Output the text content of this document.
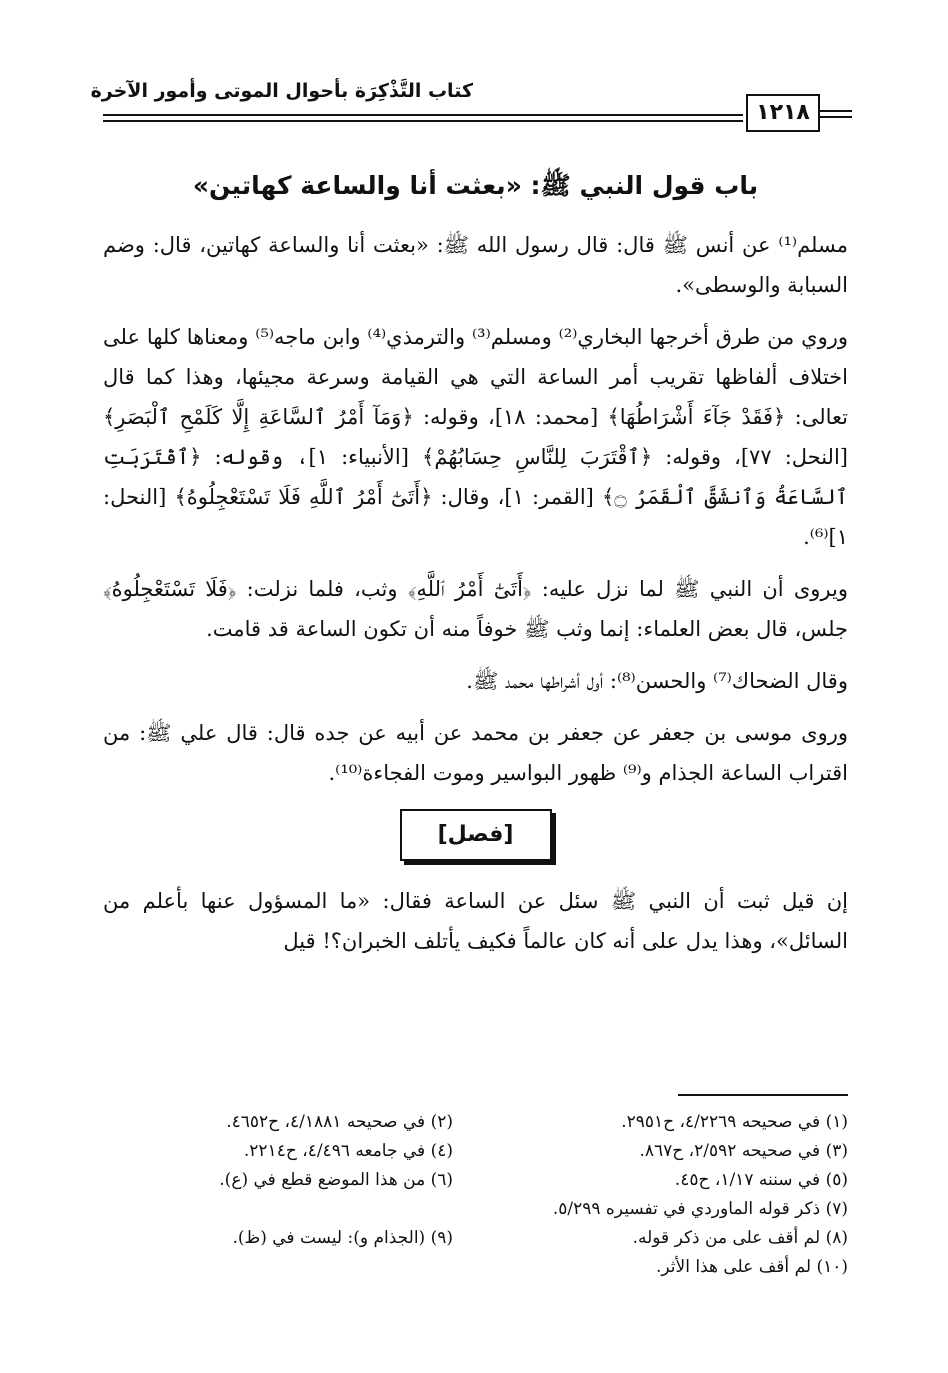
كتاب التَّذْكِرَة بأحوال الموتى وأمور الآخرة
١٢١٨
باب قول النبي ﷺ: «بعثت أنا والساعة كهاتين»

مسلم⁽¹⁾ عن أنس ﷺ قال: قال رسول الله ﷺ: «بعثت أنا والساعة كهاتين، قال: وضم السبابة والوسطى».

وروي من طرق أخرجها البخاري⁽²⁾ ومسلم⁽³⁾ والترمذي⁽⁴⁾ وابن ماجه⁽⁵⁾ ومعناها كلها على اختلاف ألفاظها تقريب أمر الساعة التي هي القيامة وسرعة مجيئها، وهذا كما قال تعالى: ﴿فَقَدْ جَآءَ أَشْرَاطُهَا﴾ [محمد: ١٨]، وقوله: ﴿وَمَآ أَمْرُ ٱلسَّاعَةِ إِلَّا كَلَمْحِ ٱلْبَصَرِ﴾ [النحل: ٧٧]، وقوله: ﴿ٱقْتَرَبَ لِلنَّاسِ حِسَابُهُمْ﴾ [الأنبياء: ١]، وقوله: ﴿ٱقْتَرَبَتِ ٱلسَّاعَةُ وَٱنشَقَّ ٱلْقَمَرُ ۝﴾ [القمر: ١]، وقال: ﴿أَتَىٰٓ أَمْرُ ٱللَّهِ فَلَا تَسْتَعْجِلُوهُ﴾ [النحل: ١]⁽⁶⁾.

ويروى أن النبي ﷺ لما نزل عليه: ﴿أَتَىٰٓ أَمْرُ ٱللَّهِ﴾ وثب، فلما نزلت: ﴿فَلَا تَسْتَعْجِلُوهُ﴾ جلس، قال بعض العلماء: إنما وثب ﷺ خوفاً منه أن تكون الساعة قد قامت.

وقال الضحاك⁽⁷⁾ والحسن⁽⁸⁾: أول أشراطها محمد ﷺ.

وروى موسى بن جعفر عن جعفر بن محمد عن أبيه عن جده قال: قال علي ﷺ: من اقتراب الساعة الجذام و⁽⁹⁾ ظهور البواسير وموت الفجاءة⁽¹⁰⁾.

[فصل]

إن قيل ثبت أن النبي ﷺ سئل عن الساعة فقال: «ما المسؤول عنها بأعلم من السائل»، وهذا يدل على أنه كان عالماً فكيف يأتلف الخبران؟! قيل

(١) في صحيحه ٤/٢٢٦٩، ح٢٩٥١.
(٣) في صحيحه ٢/٥٩٢، ح٨٦٧.
(٥) في سننه ١/١٧، ح٤٥.
(٧) ذكر قوله الماوردي في تفسيره ٥/٢٩٩.
(٨) لم أقف على من ذكر قوله.
(١٠) لم أقف على هذا الأثر.
(٢) في صحيحه ٤/١٨٨١، ح٤٦٥٢.
(٤) في جامعه ٤/٤٩٦، ح٢٢١٤.
(٦) من هذا الموضع قطع في (ع).
(٩) (الجذام و): ليست في (ظ).
